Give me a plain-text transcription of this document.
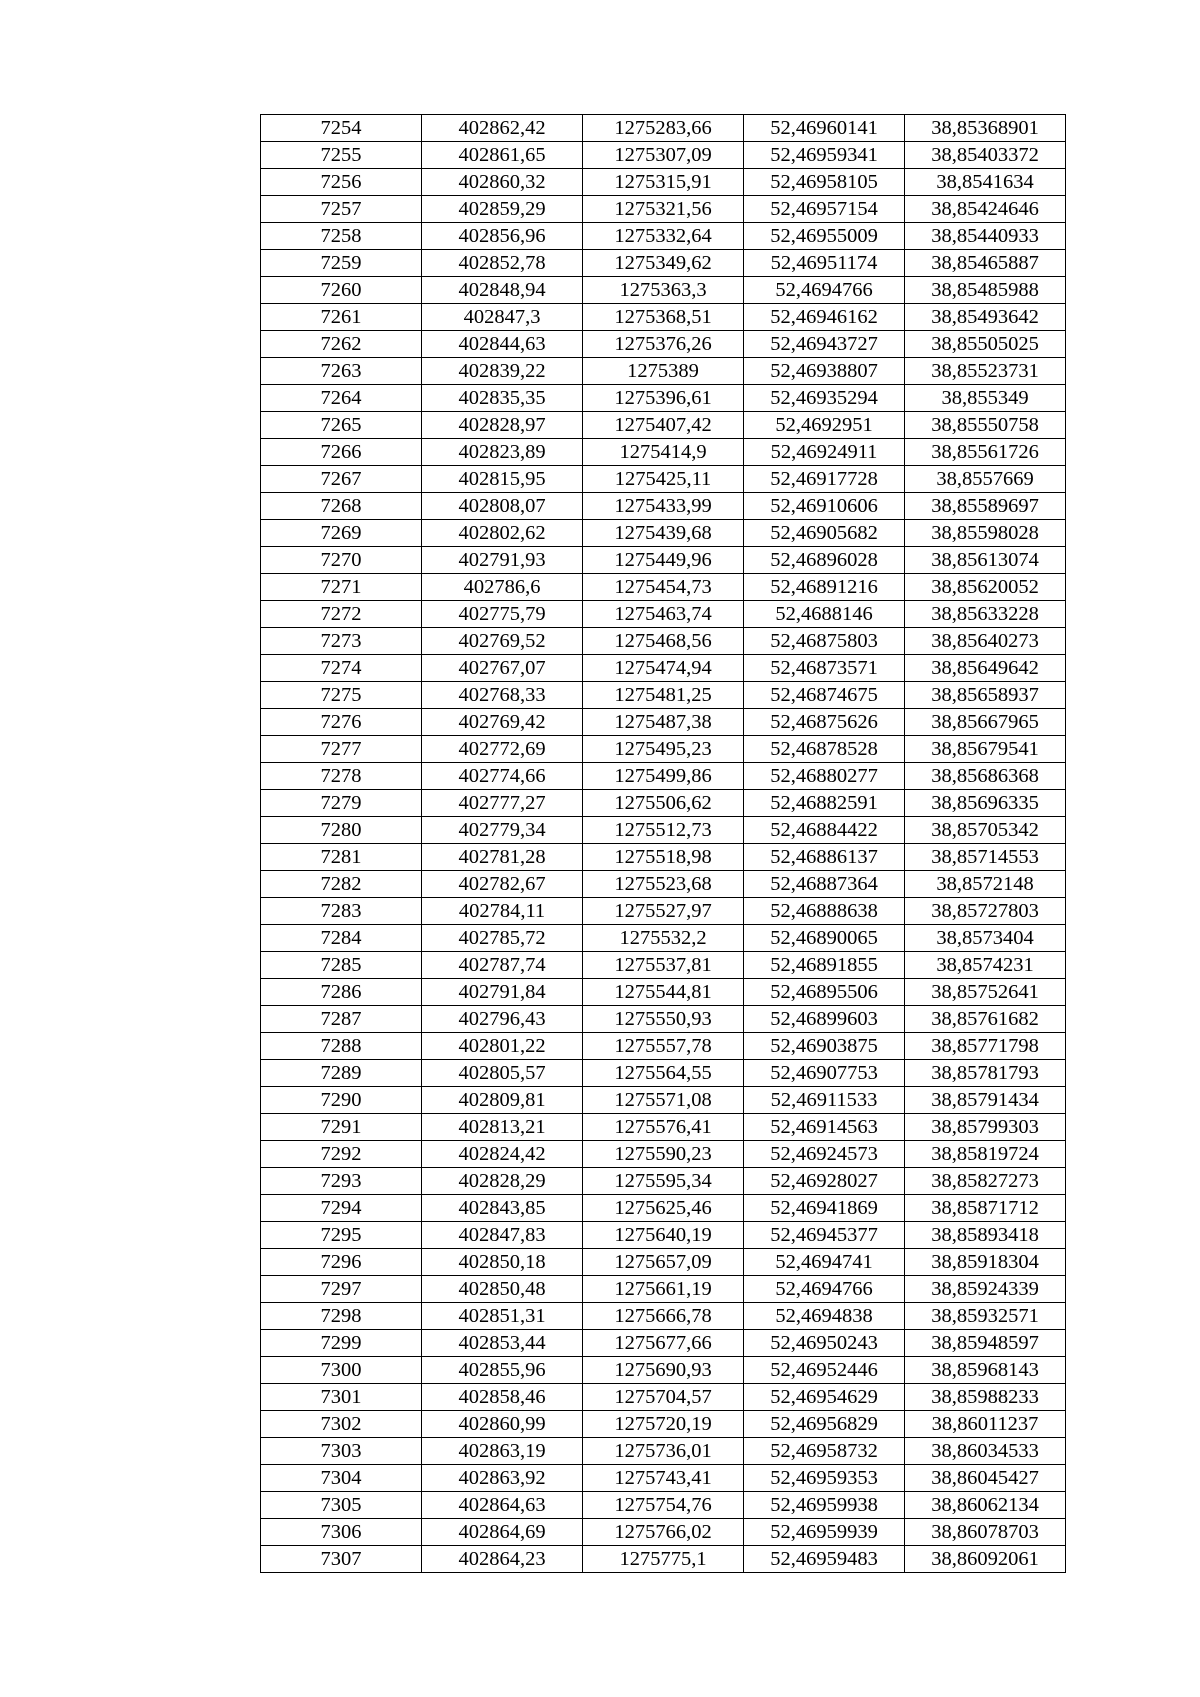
7254	402862,42	1275283,66	52,46960141	38,85368901
7255	402861,65	1275307,09	52,46959341	38,85403372
7256	402860,32	1275315,91	52,46958105	38,8541634
7257	402859,29	1275321,56	52,46957154	38,85424646
7258	402856,96	1275332,64	52,46955009	38,85440933
7259	402852,78	1275349,62	52,46951174	38,85465887
7260	402848,94	1275363,3	52,4694766	38,85485988
7261	402847,3	1275368,51	52,46946162	38,85493642
7262	402844,63	1275376,26	52,46943727	38,85505025
7263	402839,22	1275389	52,46938807	38,85523731
7264	402835,35	1275396,61	52,46935294	38,855349
7265	402828,97	1275407,42	52,4692951	38,85550758
7266	402823,89	1275414,9	52,46924911	38,85561726
7267	402815,95	1275425,11	52,46917728	38,8557669
7268	402808,07	1275433,99	52,46910606	38,85589697
7269	402802,62	1275439,68	52,46905682	38,85598028
7270	402791,93	1275449,96	52,46896028	38,85613074
7271	402786,6	1275454,73	52,46891216	38,85620052
7272	402775,79	1275463,74	52,4688146	38,85633228
7273	402769,52	1275468,56	52,46875803	38,85640273
7274	402767,07	1275474,94	52,46873571	38,85649642
7275	402768,33	1275481,25	52,46874675	38,85658937
7276	402769,42	1275487,38	52,46875626	38,85667965
7277	402772,69	1275495,23	52,46878528	38,85679541
7278	402774,66	1275499,86	52,46880277	38,85686368
7279	402777,27	1275506,62	52,46882591	38,85696335
7280	402779,34	1275512,73	52,46884422	38,85705342
7281	402781,28	1275518,98	52,46886137	38,85714553
7282	402782,67	1275523,68	52,46887364	38,8572148
7283	402784,11	1275527,97	52,46888638	38,85727803
7284	402785,72	1275532,2	52,46890065	38,8573404
7285	402787,74	1275537,81	52,46891855	38,8574231
7286	402791,84	1275544,81	52,46895506	38,85752641
7287	402796,43	1275550,93	52,46899603	38,85761682
7288	402801,22	1275557,78	52,46903875	38,85771798
7289	402805,57	1275564,55	52,46907753	38,85781793
7290	402809,81	1275571,08	52,46911533	38,85791434
7291	402813,21	1275576,41	52,46914563	38,85799303
7292	402824,42	1275590,23	52,46924573	38,85819724
7293	402828,29	1275595,34	52,46928027	38,85827273
7294	402843,85	1275625,46	52,46941869	38,85871712
7295	402847,83	1275640,19	52,46945377	38,85893418
7296	402850,18	1275657,09	52,4694741	38,85918304
7297	402850,48	1275661,19	52,4694766	38,85924339
7298	402851,31	1275666,78	52,4694838	38,85932571
7299	402853,44	1275677,66	52,46950243	38,85948597
7300	402855,96	1275690,93	52,46952446	38,85968143
7301	402858,46	1275704,57	52,46954629	38,85988233
7302	402860,99	1275720,19	52,46956829	38,86011237
7303	402863,19	1275736,01	52,46958732	38,86034533
7304	402863,92	1275743,41	52,46959353	38,86045427
7305	402864,63	1275754,76	52,46959938	38,86062134
7306	402864,69	1275766,02	52,46959939	38,86078703
7307	402864,23	1275775,1	52,46959483	38,86092061
